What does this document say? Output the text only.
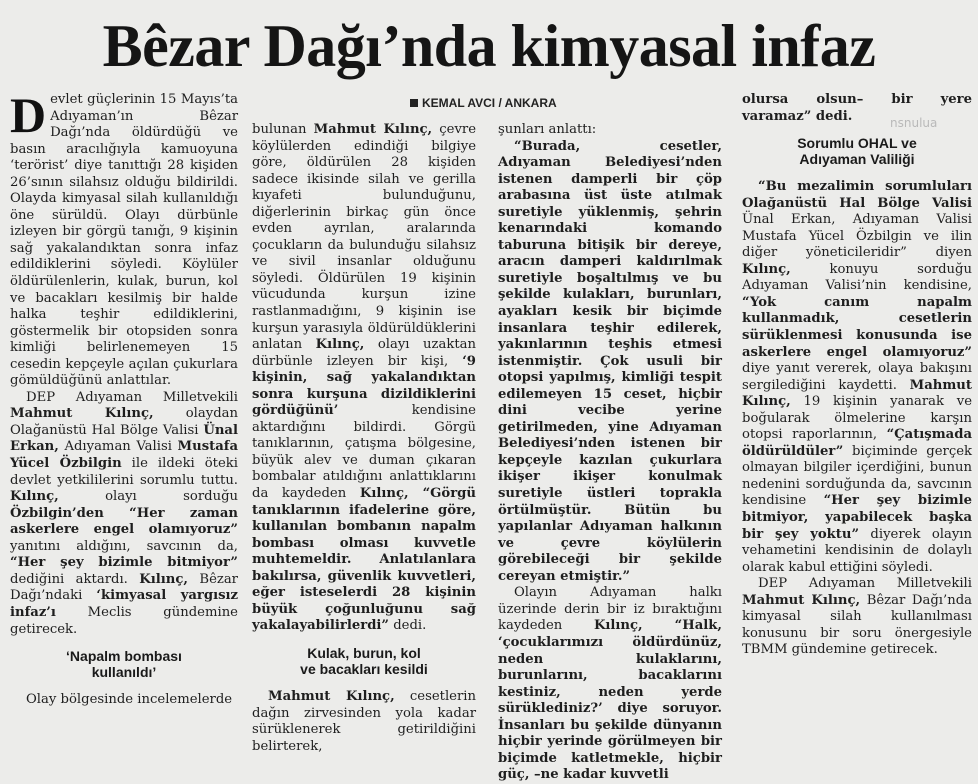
Bêzar Dağı’nda kimyasal infaz
KEMAL AVCI / ANKARA

Devlet güçlerinin 15 Mayıs’ta Adıyaman’ın Bêzar Dağı’nda öldürdüğü ve basın aracılığıyla kamuoyuna ‘terörist’ diye tanıttığı 28 kişiden 26’sının silahsız olduğu bildirildi. Olayda kimyasal silah kullanıldığı öne sürüldü. Olayı dürbünle izleyen bir görgü tanığı, 9 kişinin sağ yakalandıktan sonra infaz edildiklerini söyledi. Köylüler öldürülenlerin, kulak, burun, kol ve bacakları kesilmiş bir halde halka teşhir edildiklerini, göstermelik bir otopsiden sonra kimliği belirlenemeyen 15 cesedin kepçeyle açılan çukurlara gömüldüğünü anlattılar.

DEP Adıyaman Milletvekili Mahmut Kılınç, olaydan Olağanüstü Hal Bölge Valisi Ünal Erkan, Adıyaman Valisi Mustafa Yücel Özbilgin ile ildeki öteki devlet yetkililerini sorumlu tuttu. Kılınç, olayı sorduğu Özbilgin’den “Her zaman askerlere engel olamıyoruz” yanıtını aldığını, savcının da, “Her şey bizimle bitmiyor” dediğini aktardı. Kılınç, Bêzar Dağı’ndaki ‘kimyasal yargısız infaz’ı Meclis gündemine getirecek.

‘Napalm bombası
kullanıldı’

Olay bölgesinde incelemelerde

bulunan Mahmut Kılınç, çevre köylülerden edindiği bilgiye göre, öldürülen 28 kişiden sadece ikisinde silah ve gerilla kıyafeti bulunduğunu, diğerlerinin birkaç gün önce evden ayrılan, aralarında çocukların da bulunduğu silahsız ve sivil insanlar olduğunu söyledi. Öldürülen 19 kişinin vücudunda kurşun izine rastlanmadığını, 9 kişinin ise kurşun yarasıyla öldürüldüklerini anlatan Kılınç, olayı uzaktan dürbünle izleyen bir kişi, ‘9 kişinin, sağ yakalandıktan sonra kurşuna dizildiklerini gördüğünü’ kendisine aktardığını bildirdi. Görgü tanıklarının, çatışma bölgesine, büyük alev ve duman çıkaran bombalar atıldığını anlattıklarını da kaydeden Kılınç, “Görgü tanıklarının ifadelerine göre, kullanılan bombanın napalm bombası olması kuvvetle muhtemeldir. Anlatılanlara bakılırsa, güvenlik kuvvetleri, eğer isteselerdi 28 kişinin büyük çoğunluğunu sağ yakalayabilirlerdi” dedi.

Kulak, burun, kol
ve bacakları kesildi

Mahmut Kılınç, cesetlerin dağın zirvesinden yola kadar sürüklenerek getirildiğini belirterek,

şunları anlattı:

“Burada, cesetler, Adıyaman Belediyesi’nden istenen damperli bir çöp arabasına üst üste atılmak suretiyle yüklenmiş, şehrin kenarındaki komando taburuna bitişik bir dereye, aracın damperi kaldırılmak suretiyle boşaltılmış ve bu şekilde kulakları, burunları, ayakları kesik bir biçimde insanlara teşhir edilerek, yakınlarının teşhis etmesi istenmiştir. Çok usuli bir otopsi yapılmış, kimliği tespit edilemeyen 15 ceset, hiçbir dini vecibe yerine getirilmeden, yine Adıyaman Belediyesi’nden istenen bir kepçeyle kazılan çukurlara ikişer ikişer konulmak suretiyle üstleri toprakla örtülmüştür. Bütün bu yapılanlar Adıyaman halkının ve çevre köylülerin görebileceği bir şekilde cereyan etmiştir.”

Olayın Adıyaman halkı üzerinde derin bir iz bıraktığını kaydeden Kılınç, “Halk, ‘çocuklarımızı öldürdünüz, neden kulaklarını, burunlarını, bacaklarını kestiniz, neden yerde sürüklediniz?’ diye soruyor. İnsanları bu şekilde dünyanın hiçbir yerinde görülmeyen bir biçimde katletmekle, hiçbir güç, –ne kadar kuvvetli

olursa olsun– bir yere varamaz” dedi.

Sorumlu OHAL ve
Adıyaman Valiliği

“Bu mezalimin sorumluları Olağanüstü Hal Bölge Valisi Ünal Erkan, Adıyaman Valisi Mustafa Yücel Özbilgin ve ilin diğer yöneticileridir” diyen Kılınç, konuyu sorduğu Adıyaman Valisi’nin kendisine, “Yok canım napalm kullanmadık, cesetlerin sürüklenmesi konusunda ise askerlere engel olamıyoruz” diye yanıt vererek, olaya bakışını sergilediğini kaydetti. Mahmut Kılınç, 19 kişinin yanarak ve boğularak ölmelerine karşın otopsi raporlarının, “Çatışmada öldürüldüler” biçiminde gerçek olmayan bilgiler içerdiğini, bunun nedenini sorduğunda da, savcının kendisine “Her şey bizimle bitmiyor, yapabilecek başka bir şey yoktu” diyerek olayın vehametini kendisinin de dolaylı olarak kabul ettiğini söyledi.

DEP Adıyaman Milletvekili Mahmut Kılınç, Bêzar Dağı’nda kimyasal silah kullanılması konusunu bir soru önergesiyle TBMM gündemine getirecek.

nsnulua
